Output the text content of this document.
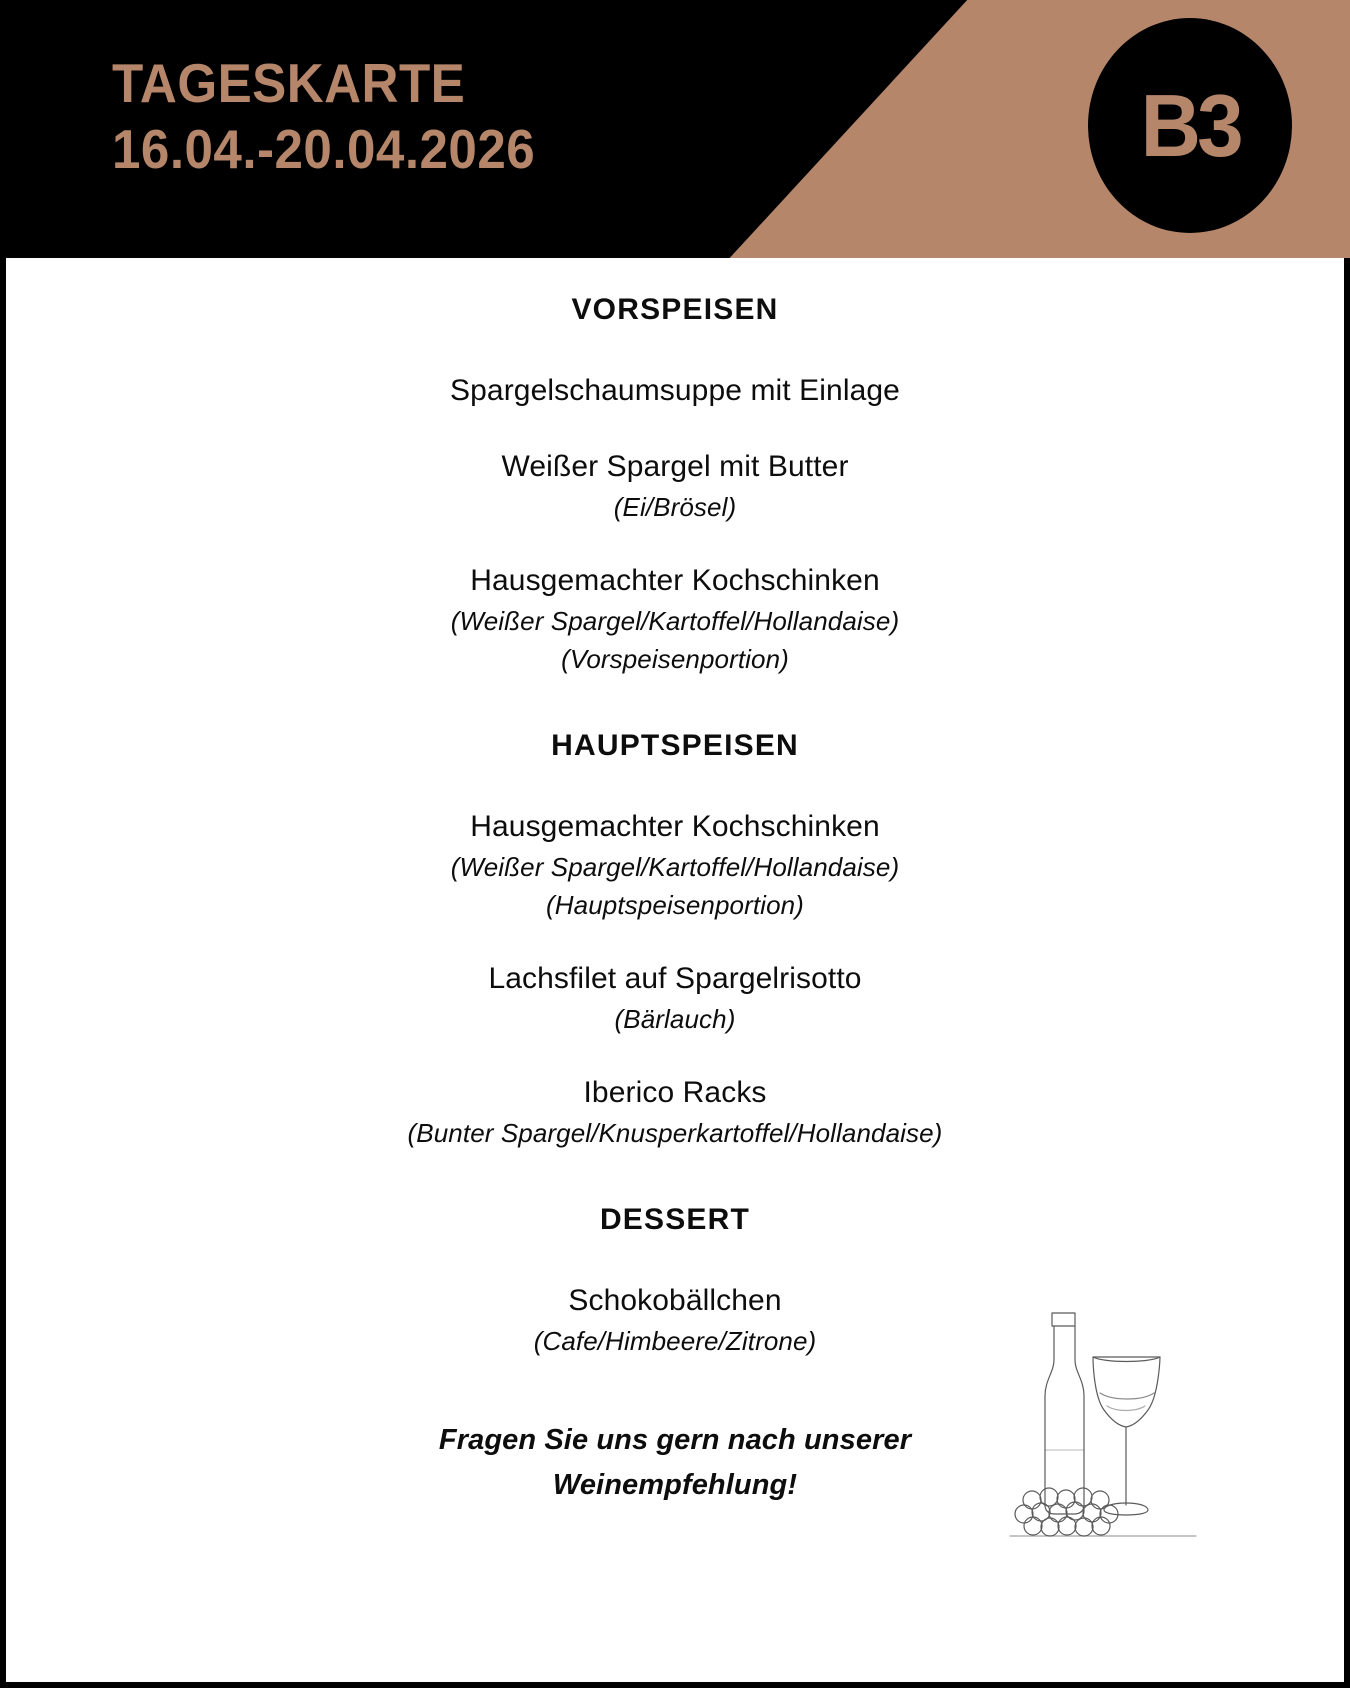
TAGESKARTE
16.04.-20.04.2026	B3
VORSPEISEN
Spargelschaumsuppe mit Einlage
Weißer Spargel mit Butter
(Ei/Brösel)
Hausgemachter Kochschinken
(Weißer Spargel/Kartoffel/Hollandaise)
(Vorspeisenportion)
HAUPTSPEISEN
Hausgemachter Kochschinken
(Weißer Spargel/Kartoffel/Hollandaise)
(Hauptspeisenportion)
Lachsfilet auf Spargelrisotto
(Bärlauch)
Iberico Racks
(Bunter Spargel/Knusperkartoffel/Hollandaise)
DESSERT
Schokobällchen
(Cafe/Himbeere/Zitrone)
Fragen Sie uns gern nach unserer
Weinempfehlung!
